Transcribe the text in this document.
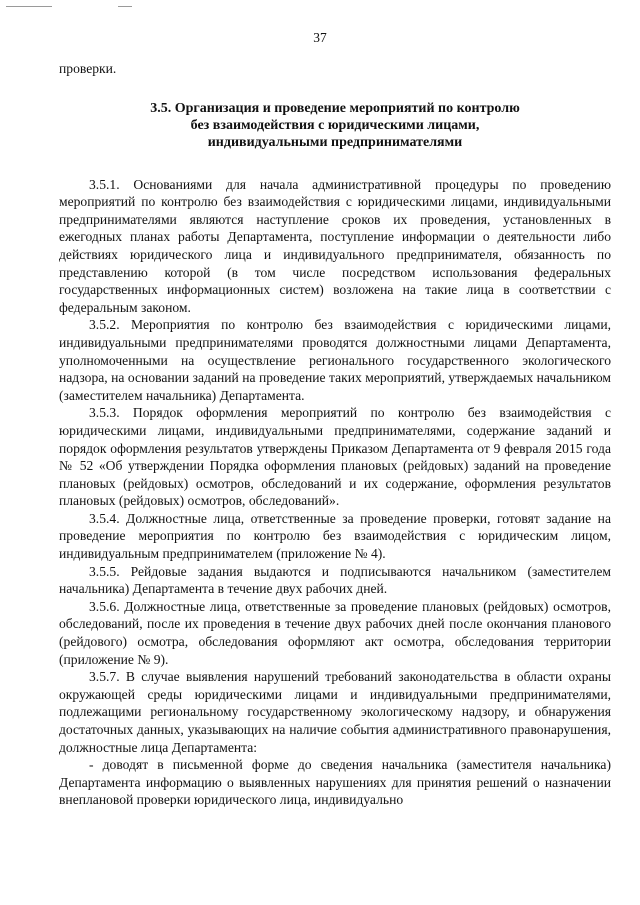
37

проверки.

3.5. Организация и проведение мероприятий по контролю
без взаимодействия с юридическими лицами,
индивидуальными предпринимателями

3.5.1. Основаниями для начала административной процедуры по проведению мероприятий по контролю без взаимодействия с юридическими лицами, индивидуальными предпринимателями являются наступление сроков их проведения, установленных в ежегодных планах работы Департамента, поступление информации о деятельности либо действиях юридического лица и индивидуального предпринимателя, обязанность по представлению которой (в том числе посредством использования федеральных государственных информационных систем) возложена на такие лица в соответствии с федеральным законом.

3.5.2. Мероприятия по контролю без взаимодействия с юридическими лицами, индивидуальными предпринимателями проводятся должностными лицами Департамента, уполномоченными на осуществление регионального государственного экологического надзора, на основании заданий на проведение таких мероприятий, утверждаемых начальником (заместителем начальника) Департамента.

3.5.3. Порядок оформления мероприятий по контролю без взаимодействия с юридическими лицами, индивидуальными предпринимателями, содержание заданий и порядок оформления результатов утверждены Приказом Департамента от 9 февраля 2015 года № 52 «Об утверждении Порядка оформления плановых (рейдовых) заданий на проведение плановых (рейдовых) осмотров, обследований и их содержание, оформления результатов плановых (рейдовых) осмотров, обследований».

3.5.4. Должностные лица, ответственные за проведение проверки, готовят задание на проведение мероприятия по контролю без взаимодействия с юридическим лицом, индивидуальным предпринимателем (приложение № 4).

3.5.5. Рейдовые задания выдаются и подписываются начальником (заместителем начальника) Департамента в течение двух рабочих дней.

3.5.6. Должностные лица, ответственные за проведение плановых (рейдовых) осмотров, обследований, после их проведения в течение двух рабочих дней после окончания планового (рейдового) осмотра, обследования оформляют акт осмотра, обследования территории (приложение № 9).

3.5.7. В случае выявления нарушений требований законодательства в области охраны окружающей среды юридическими лицами и индивидуальными предпринимателями, подлежащими региональному государственному экологическому надзору, и обнаружения достаточных данных, указывающих на наличие события административного правонарушения, должностные лица Департамента:

- доводят в письменной форме до сведения начальника (заместителя начальника) Департамента информацию о выявленных нарушениях для принятия решений о назначении внеплановой проверки юридического лица, индивидуально
